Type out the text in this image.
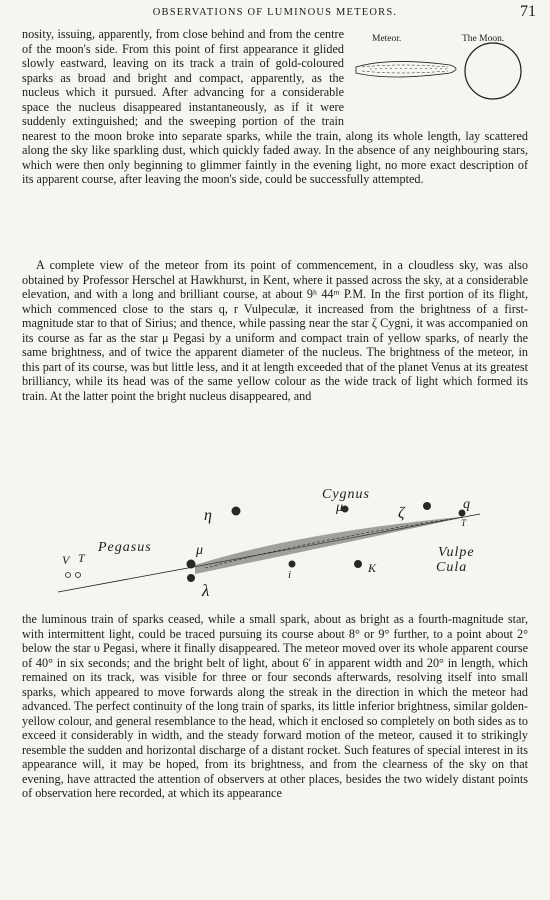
OBSERVATIONS OF LUMINOUS METEORS.	71
Meteor.	The Moon.
nosity, issuing, apparently, from close behind and from the centre of the moon's side. From this point of first appearance it glided slowly eastward, leaving on its track a train of gold-coloured sparks as broad and bright and compact, apparently, as the nucleus which it pursued. After advancing for a considerable space the nucleus disappeared instantaneously, as if it were suddenly extinguished; and the sweeping portion of the train nearest to the moon broke into separate sparks, while the train, along its whole length, lay scattered along the sky like sparkling dust, which quickly faded away. In the absence of any neighbouring stars, which were then only beginning to glimmer faintly in the evening light, no more exact description of its apparent course, after leaving the moon's side, could be successfully attempted.
A complete view of the meteor from its point of commencement, in a cloudless sky, was also obtained by Professor Herschel at Hawkhurst, in Kent, where it passed across the sky, at a considerable elevation, and with a long and brilliant course, at about 9ʰ 44ᵐ P.M. In the first portion of its flight, which commenced close to the stars q, r Vulpeculæ, it increased from the brightness of a first-magnitude star to that of Sirius; and thence, while passing near the star ζ Cygni, it was accompanied on its course as far as the star μ Pegasi by a uniform and compact train of yellow sparks, of nearly the same brightness, and of twice the apparent diameter of the nucleus. The brightness of the meteor, in this part of its course, was but little less, and it at length exceeded that of the planet Venus at its greatest brilliancy, while its head was of the same yellow colour as the wide track of light which formed its train. At the latter point the bright nucleus disappeared, and
Cygnus
Pegasus	Vulpe
Cula
η	μ	ζ
q
T
V T	μ
λ
i	K
the luminous train of sparks ceased, while a small spark, about as bright as a fourth-magnitude star, with intermittent light, could be traced pursuing its course about 8° or 9° further, to a point about 2° below the star υ Pegasi, where it finally disappeared. The meteor moved over its whole apparent course of 40° in six seconds; and the bright belt of light, about 6′ in apparent width and 20° in length, which remained on its track, was visible for three or four seconds afterwards, resolving itself into small sparks, which appeared to move forwards along the streak in the direction in which the meteor had advanced. The perfect continuity of the long train of sparks, its little inferior brightness, similar golden-yellow colour, and general resemblance to the head, which it enclosed so completely on both sides as to exceed it considerably in width, and the steady forward motion of the meteor, caused it to strikingly resemble the sudden and horizontal discharge of a distant rocket. Such features of special interest in its appearance will, it may be hoped, from its brightness, and from the clearness of the sky on that evening, have attracted the attention of observers at other places, besides the two widely distant points of observation here recorded, at which its appearance
